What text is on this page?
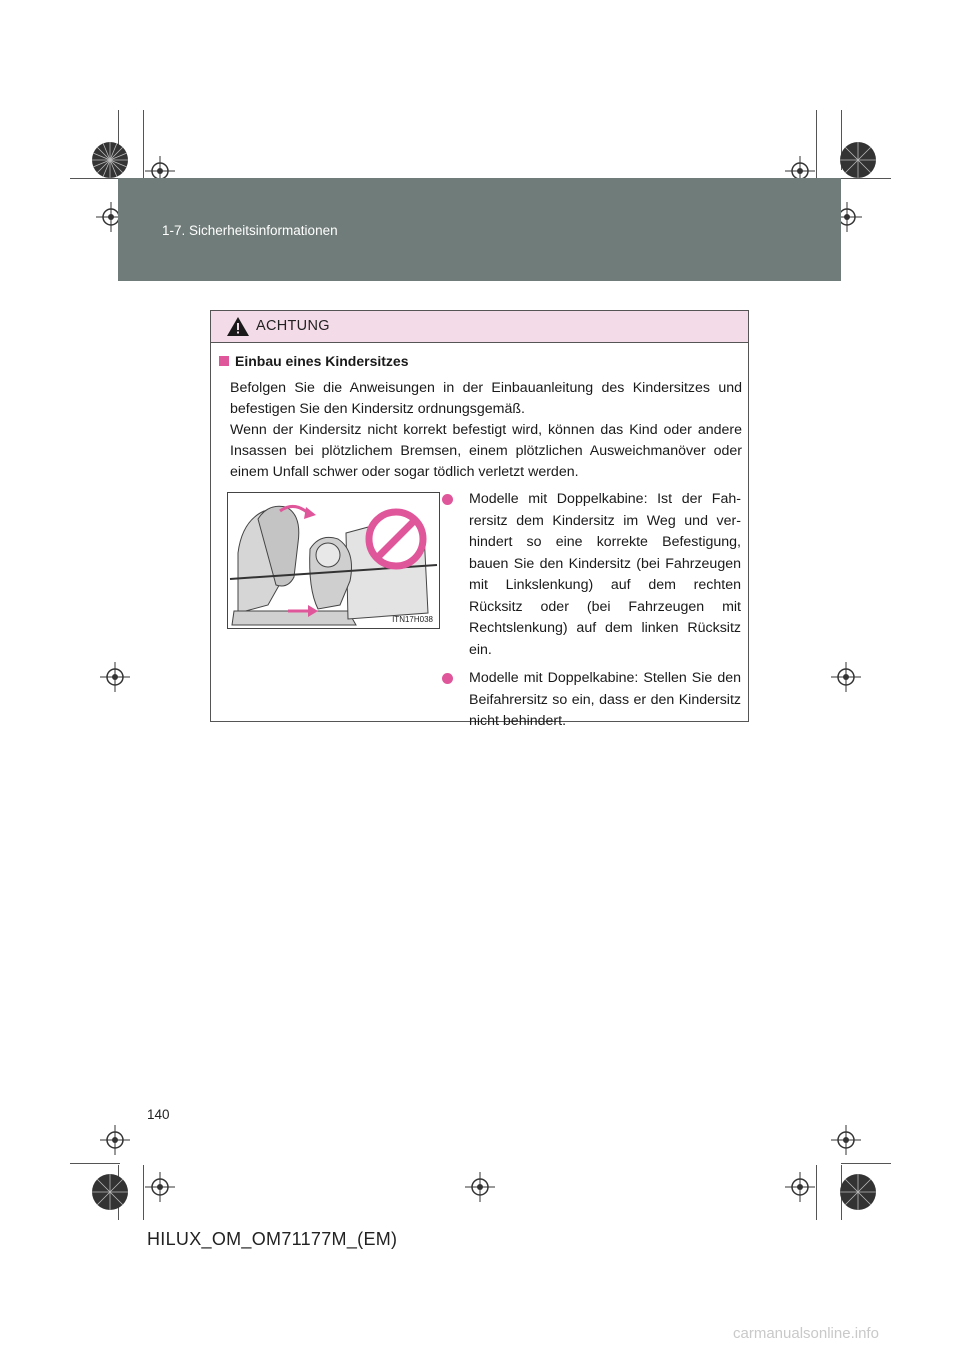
HILUX_OM_OM71177M_(EM).book Page 140 Wednesday, May 16, 2012 1:28 PM
1-7. Sicherheitsinformationen
ACHTUNG
Einbau eines Kindersitzes

Befolgen Sie die Anweisungen in der Einbauanleitung des Kindersitzes und befestigen Sie den Kindersitz ordnungsgemäß.

Wenn der Kindersitz nicht korrekt befestigt wird, können das Kind oder andere Insassen bei plötzlichem Bremsen, einem plötzlichen Ausweichmanöver oder einem Unfall schwer oder sogar tödlich verletzt werden.

ITN17H038
Modelle mit Doppelkabine: Ist der Fahrersitz dem Kindersitz im Weg und verhindert so eine korrekte Befestigung, bauen Sie den Kindersitz (bei Fahrzeugen mit Linkslenkung) auf dem rechten Rücksitz oder (bei Fahrzeugen mit Rechtslenkung) auf dem linken Rücksitz ein.
Modelle mit Doppelkabine: Stellen Sie den Beifahrersitz so ein, dass er den Kindersitz nicht behindert.
140
HILUX_OM_OM71177M_(EM)
carmanualsonline.info
